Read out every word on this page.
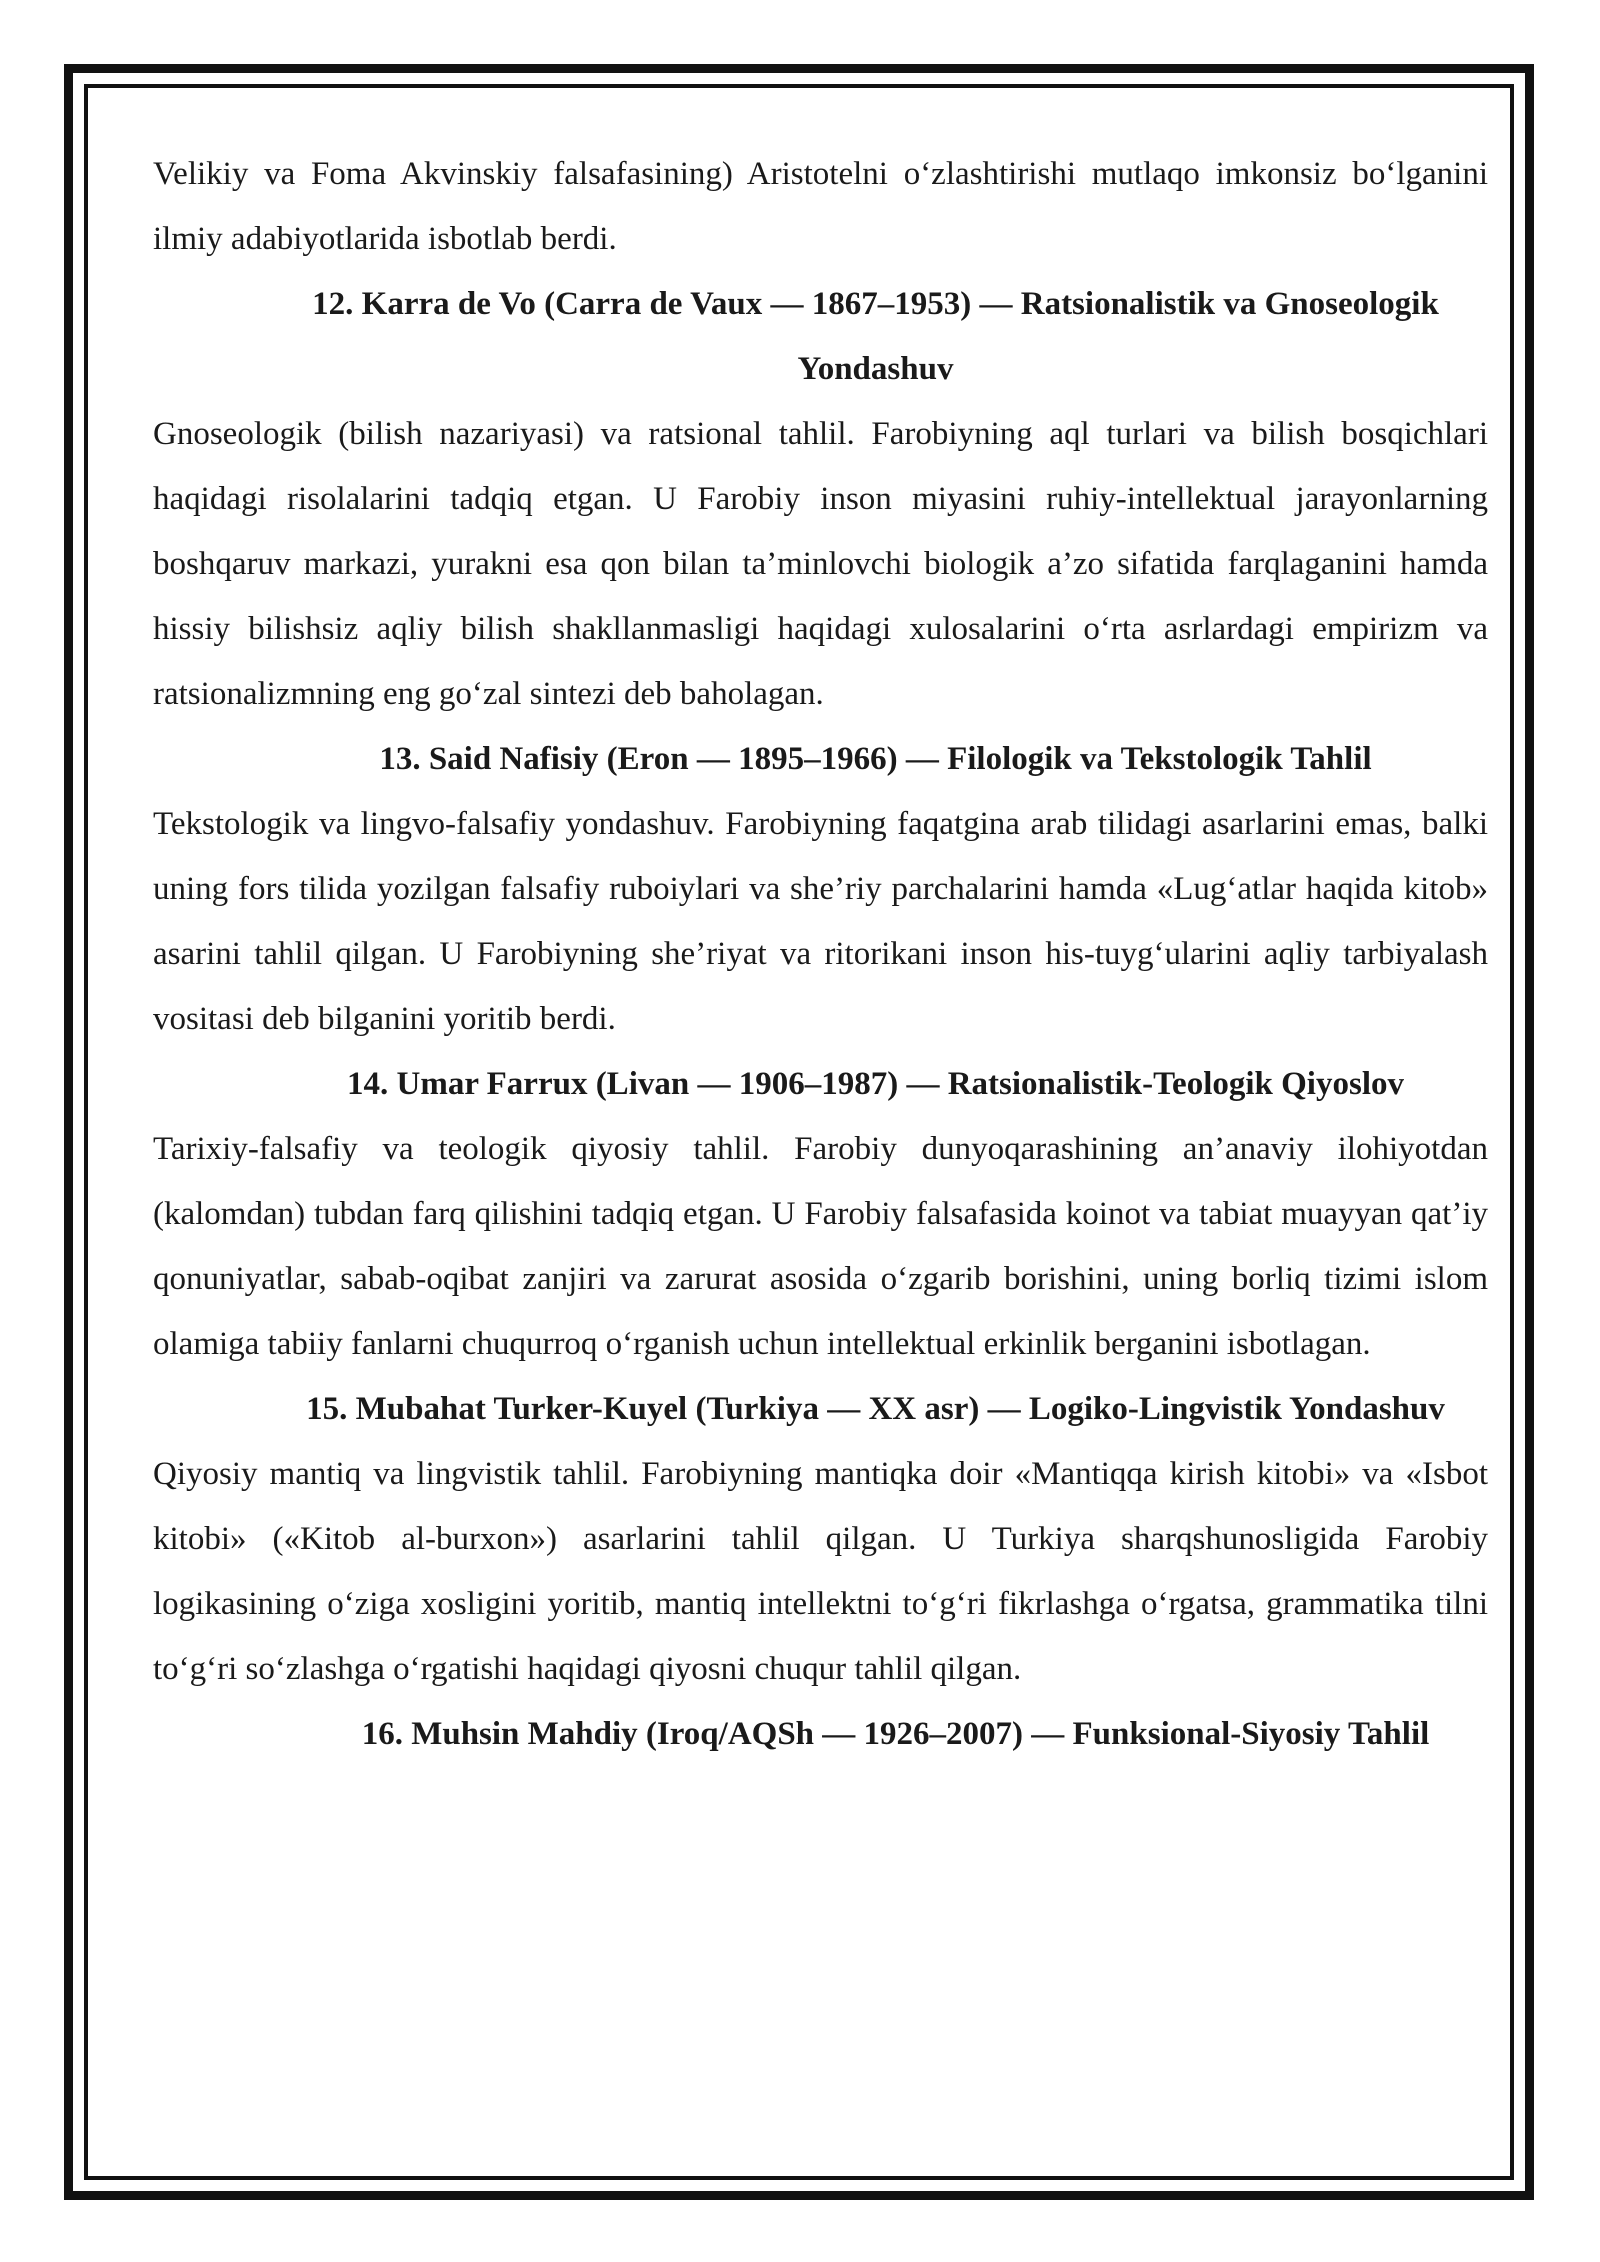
Velikiy va Foma Akvinskiy falsafasining) Aristotelni o‘zlashtirishi mutlaqo imkonsiz bo‘lganini ilmiy adabiyotlarida isbotlab berdi.

12. Karra de Vo (Carra de Vaux — 1867–1953) — Ratsionalistik va Gnoseologik Yondashuv

Gnoseologik (bilish nazariyasi) va ratsional tahlil. Farobiyning aql turlari va bilish bosqichlari haqidagi risolalarini tadqiq etgan. U Farobiy inson miyasini ruhiy-intellektual jarayonlarning boshqaruv markazi, yurakni esa qon bilan ta’minlovchi biologik a’zo sifatida farqlaganini hamda hissiy bilishsiz aqliy bilish shakllanmasligi haqidagi xulosalarini o‘rta asrlardagi empirizm va ratsionalizmning eng go‘zal sintezi deb baholagan.

13. Said Nafisiy (Eron — 1895–1966) — Filologik va Tekstologik Tahlil

Tekstologik va lingvo-falsafiy yondashuv. Farobiyning faqatgina arab tilidagi asarlarini emas, balki uning fors tilida yozilgan falsafiy ruboiylari va she’riy parchalarini hamda «Lug‘atlar haqida kitob» asarini tahlil qilgan. U Farobiyning she’riyat va ritorikani inson his-tuyg‘ularini aqliy tarbiyalash vositasi deb bilganini yoritib berdi.

14. Umar Farrux (Livan — 1906–1987) — Ratsionalistik-Teologik Qiyoslov

Tarixiy-falsafiy va teologik qiyosiy tahlil. Farobiy dunyoqarashining an’anaviy ilohiyotdan (kalomdan) tubdan farq qilishini tadqiq etgan. U Farobiy falsafasida koinot va tabiat muayyan qat’iy qonuniyatlar, sabab-oqibat zanjiri va zarurat asosida o‘zgarib borishini, uning borliq tizimi islom olamiga tabiiy fanlarni chuqurroq o‘rganish uchun intellektual erkinlik berganini isbotlagan.

15. Mubahat Turker-Kuyel (Turkiya — XX asr) — Logiko-Lingvistik Yondashuv

Qiyosiy mantiq va lingvistik tahlil. Farobiyning mantiqka doir «Mantiqqa kirish kitobi» va «Isbot kitobi» («Kitob al-burxon») asarlarini tahlil qilgan. U Turkiya sharqshunosligida Farobiy logikasining o‘ziga xosligini yoritib, mantiq intellektni to‘g‘ri fikrlashga o‘rgatsa, grammatika tilni to‘g‘ri so‘zlashga o‘rgatishi haqidagi qiyosni chuqur tahlil qilgan.

16. Muhsin Mahdiy (Iroq/AQSh — 1926–2007) — Funksional-Siyosiy Tahlil
